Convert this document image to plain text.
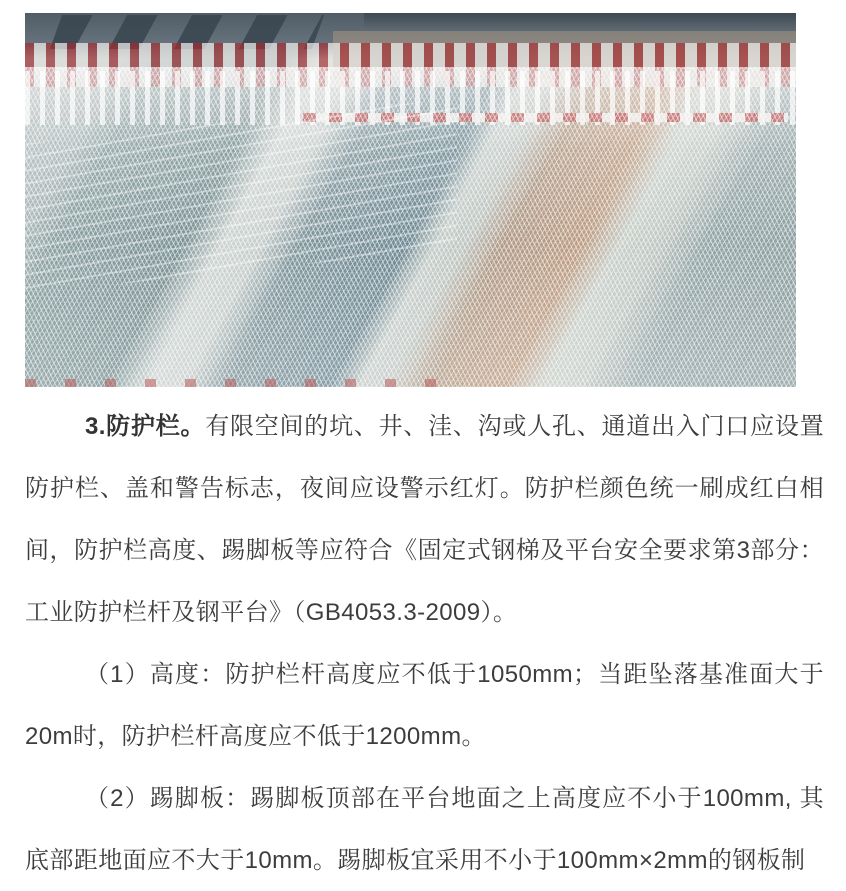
3.防护栏。有限空间的坑、井、洼、沟或人孔、通道出入门口应设置防护栏、盖和警告标志，夜间应设警示红灯。防护栏颜色统一刷成红白相间，防护栏高度、踢脚板等应符合《固定式钢梯及平台安全要求第3部分：工业防护栏杆及钢平台》（GB4053.3-2009）。

（1）高度：防护栏杆高度应不低于1050mm；当距坠落基准面大于20m时，防护栏杆高度应不低于1200mm。

（2）踢脚板：踢脚板顶部在平台地面之上高度应不小于100mm, 其底部距地面应不大于10mm。踢脚板宜采用不小于100mm×2mm的钢板制
